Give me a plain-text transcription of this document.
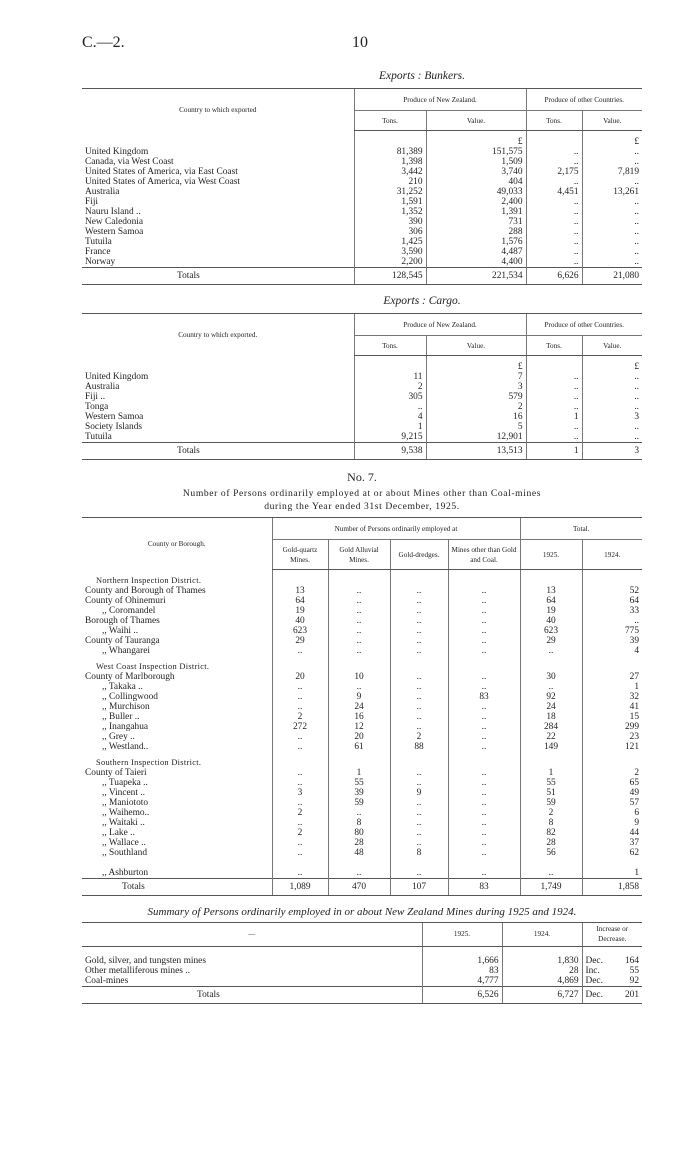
C.—2.	10
Exports : Bunkers.
Country to which exported	Produce of New Zealand.		Produce of other Countries.	
	Tons.	Value.	Tons.	Value.
		£		£
United Kingdom	81,389	151,575	..	..
Canada, via West Coast	1,398	1,509	..	..
United States of America, via East Coast	3,442	3,740	2,175	7,819
United States of America, via West Coast	210	404	..	..
Australia	31,252	49,033	4,451	13,261
Fiji	1,591	2,400	..	..
Nauru Island ..	1,352	1,391	..	..
New Caledonia	390	731	..	..
Western Samoa	306	288	..	..
Tutuila	1,425	1,576	..	..
France	3,590	4,487	..	..
Norway	2,200	4,400	..	..
Totals	128,545	221,534	6,626	21,080
Exports : Cargo.
Country to which exported.	Produce of New Zealand.		Produce of other Countries.	
	Tons.	Value.	Tons.	Value.
		£		£
United Kingdom	11	7	..	..
Australia	2	3	..	..
Fiji ..	305	579	..	..
Tonga	..	2	..	..
Western Samoa	4	16	1	3
Society Islands	1	5	..	..
Tutuila	9,215	12,901	..	..
Totals	9,538	13,513	1	3
No. 7.
Number of Persons ordinarily employed at or about Mines other than Coal-mines
during the Year ended 31st December, 1925.
County or Borough.	Number of Persons ordinarily employed at				Total.	
	Gold-quartz Mines.	Gold Alluvial Mines.	Gold-dredges.	Mines other than Gold and Coal.	1925.	1924.
Northern Inspection District.						
County and Borough of Thames	13	..	..	..	13	52
County of Ohinemuri	64	..	..	..	64	64
,, Coromandel	19	..	..	..	19	33
Borough of Thames	40	..	..	..	40	..
,, Waihi ..	623	..	..	..	623	775
County of Tauranga	29	..	..	..	29	39
,, Whangarei	..	..	..	..	..	4
West Coast Inspection District.						
County of Marlborough	20	10	..	..	30	27
,, Takaka ..	..	..	..	..	..	1
,, Collingwood	..	9	..	83	92	32
,, Murchison	..	24	..	..	24	41
,, Buller ..	2	16	..	..	18	15
,, Inangahua	272	12	..	..	284	299
,, Grey ..	..	20	2	..	22	23
,, Westland..	..	61	88	..	149	121
Southern Inspection District.						
County of Taieri	..	1	..	..	1	2
,, Tuapeka ..	..	55	..	..	55	65
,, Vincent ..	3	39	9	..	51	49
,, Maniototo	..	59	..	..	59	57
,, Waihemo..	2	..	..	..	2	6
,, Waitaki ..	..	8	..	..	8	9
,, Lake ..	2	80	..	..	82	44
,, Wallace ..	..	28	..	..	28	37
,, Southland	..	48	8	..	56	62

,, Ashburton	..	..	..	..	..	1
Totals	1,089	470	107	83	1,749	1,858
Summary of Persons ordinarily employed in or about New Zealand Mines during 1925 and 1924.
—	1925.	1924.	Increase or Decrease.	

Gold, silver, and tungsten mines	1,666	1,830	Dec.	164
Other metalliferous mines ..	83	28	Inc.	55
Coal-mines	4,777	4,869	Dec.	92
Totals	6,526	6,727	Dec.	201
